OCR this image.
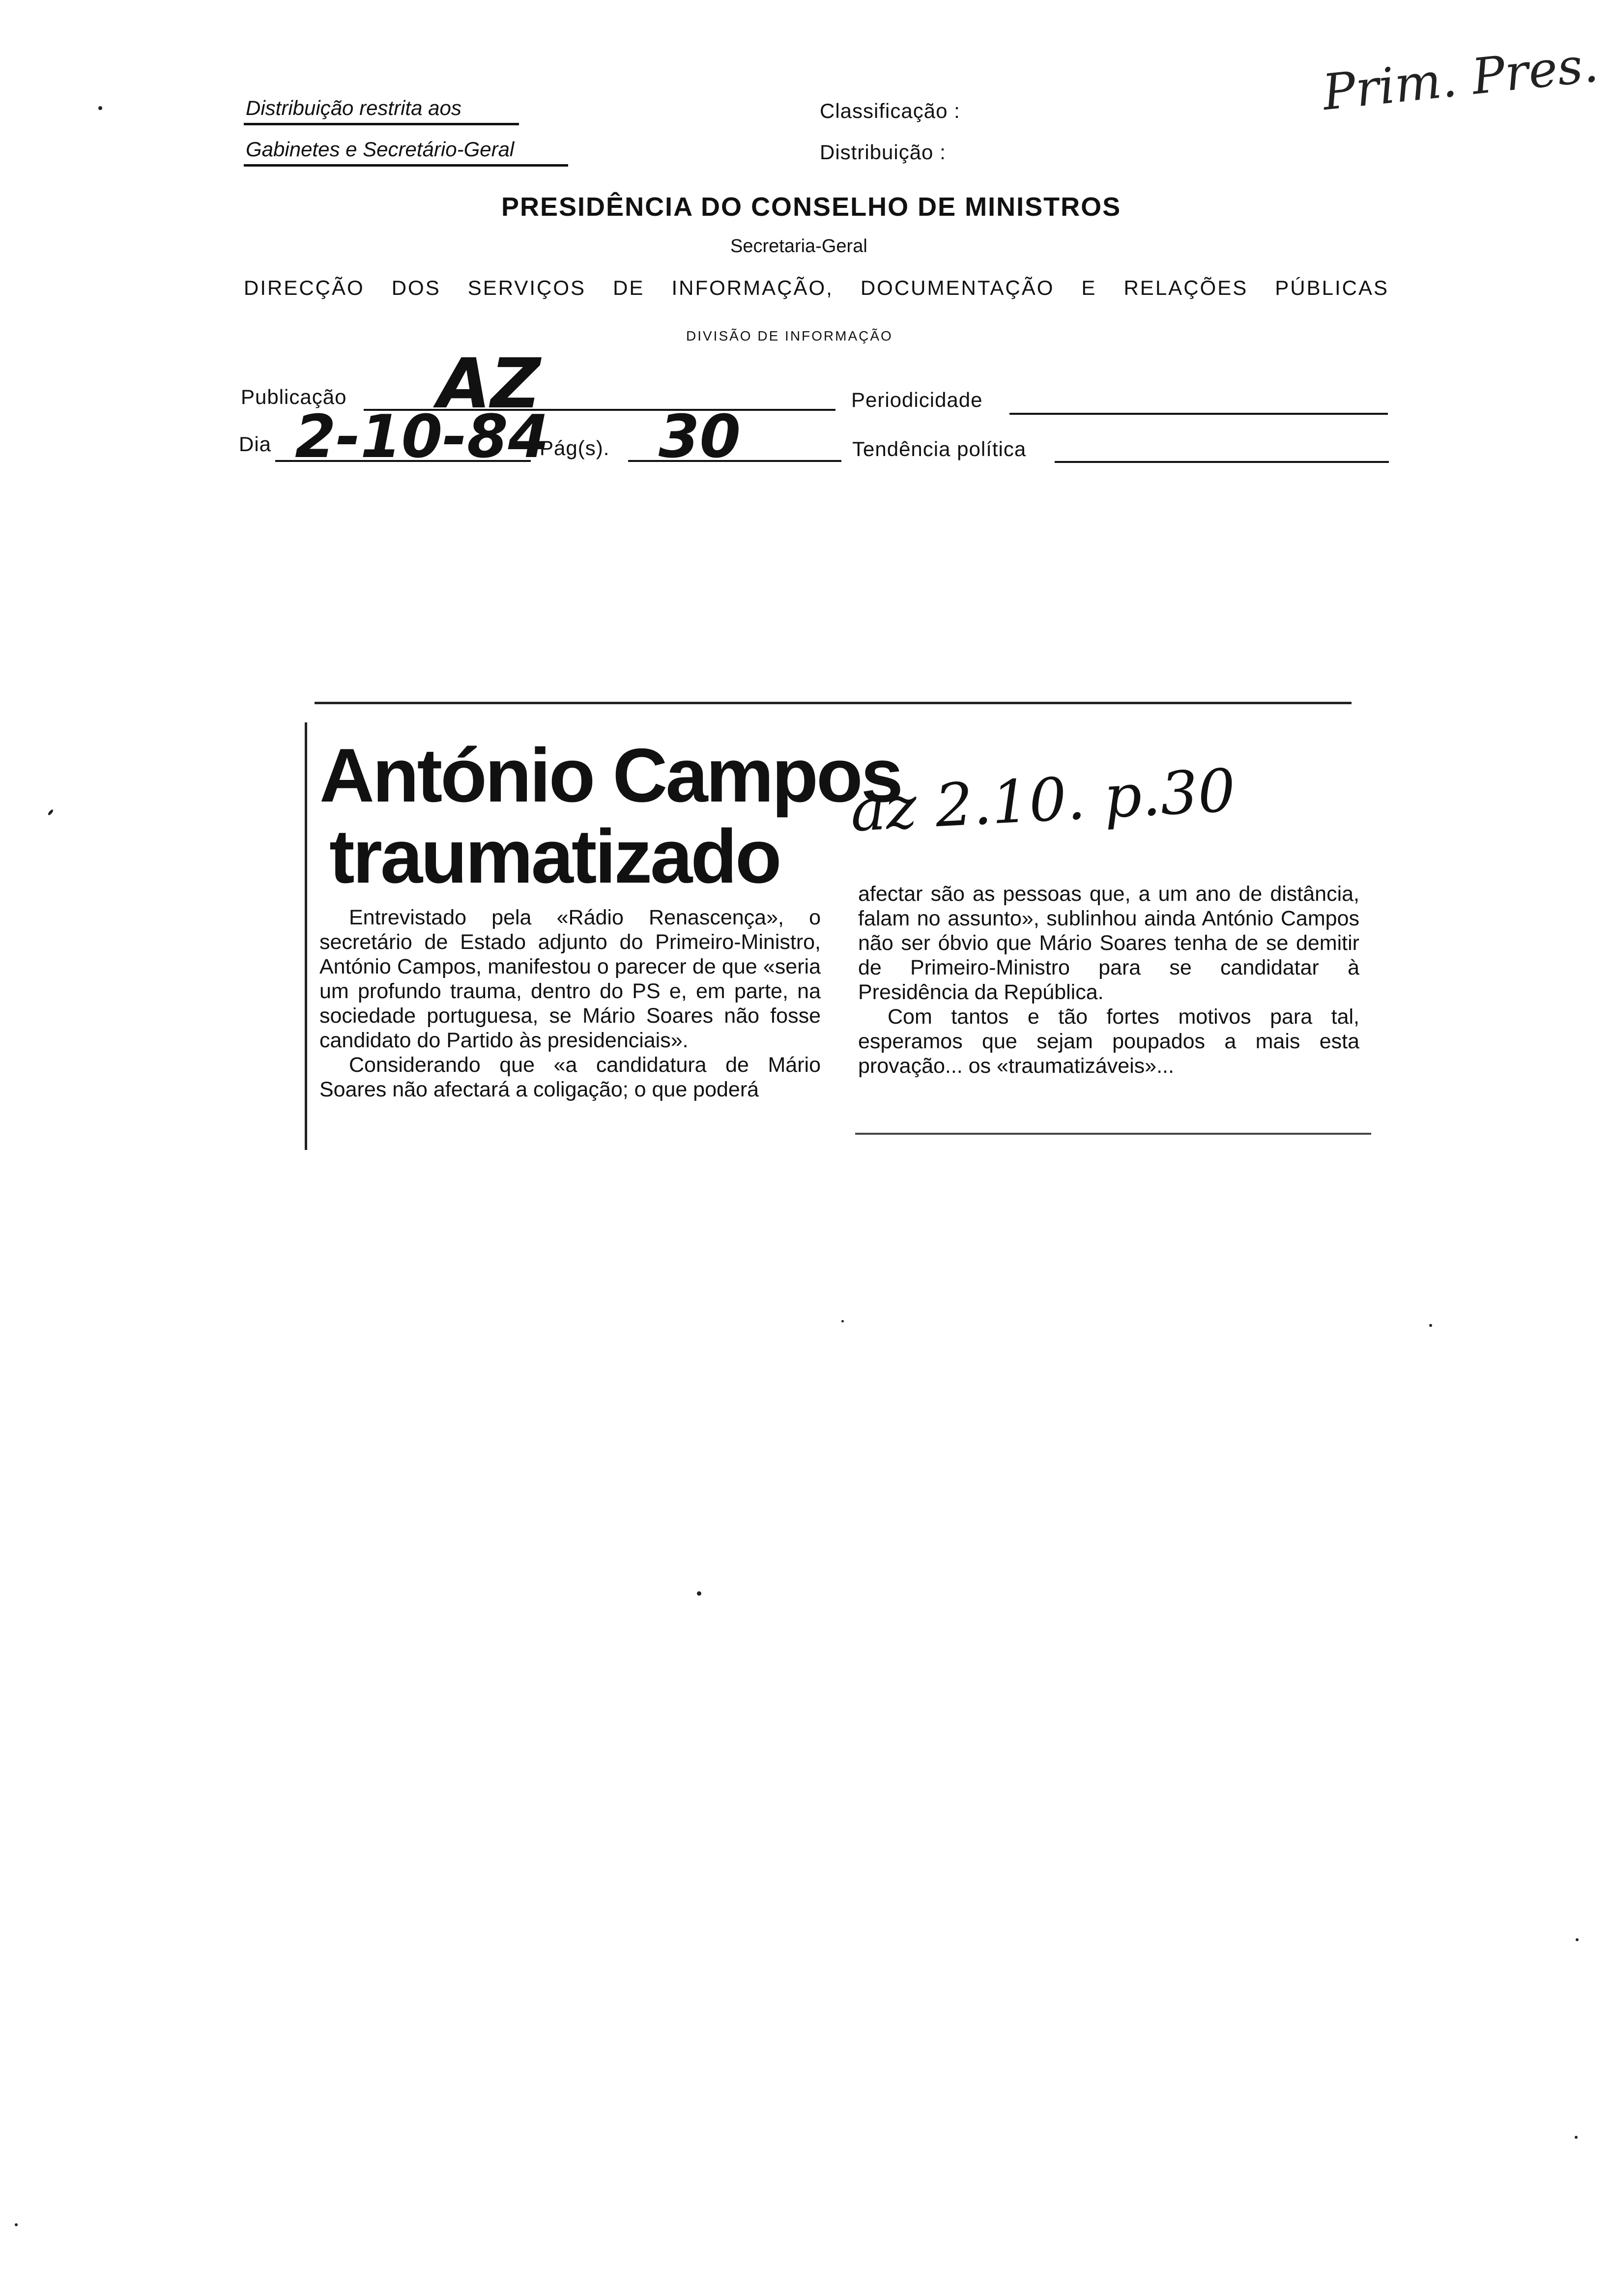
Distribuição restrita aos
Gabinetes e Secretário-Geral
Classificação :
Distribuição :
Prim. Pres.
PRESIDÊNCIA DO CONSELHO DE MINISTROS
Secretaria-Geral
DIRECÇÃO DOS SERVIÇOS DE INFORMAÇÃO, DOCUMENTAÇÃO E RELAÇÕES PÚBLICAS
DIVISÃO DE INFORMAÇÃO
Publicação AZ	Periodicidade
Dia 2-10-84
Pág(s). 30	Tendência política
António Campos
traumatizado
az 2.10. p.30

Entrevistado pela «Rádio Renascença», o secretário de Estado adjunto do Primeiro-Ministro, António Campos, manifestou o parecer de que «seria um profundo trauma, dentro do PS e, em parte, na sociedade portuguesa, se Mário Soares não fosse candidato do Partido às presidenciais».

Considerando que «a candidatura de Mário Soares não afectará a coligação; o que poderá

afectar são as pessoas que, a um ano de distância, falam no assunto», sublinhou ainda António Campos não ser óbvio que Mário Soares tenha de se demitir de Primeiro-Ministro para se candidatar à Presidência da República.

Com tantos e tão fortes motivos para tal, esperamos que sejam poupados a mais esta provação... os «traumatizáveis»...
